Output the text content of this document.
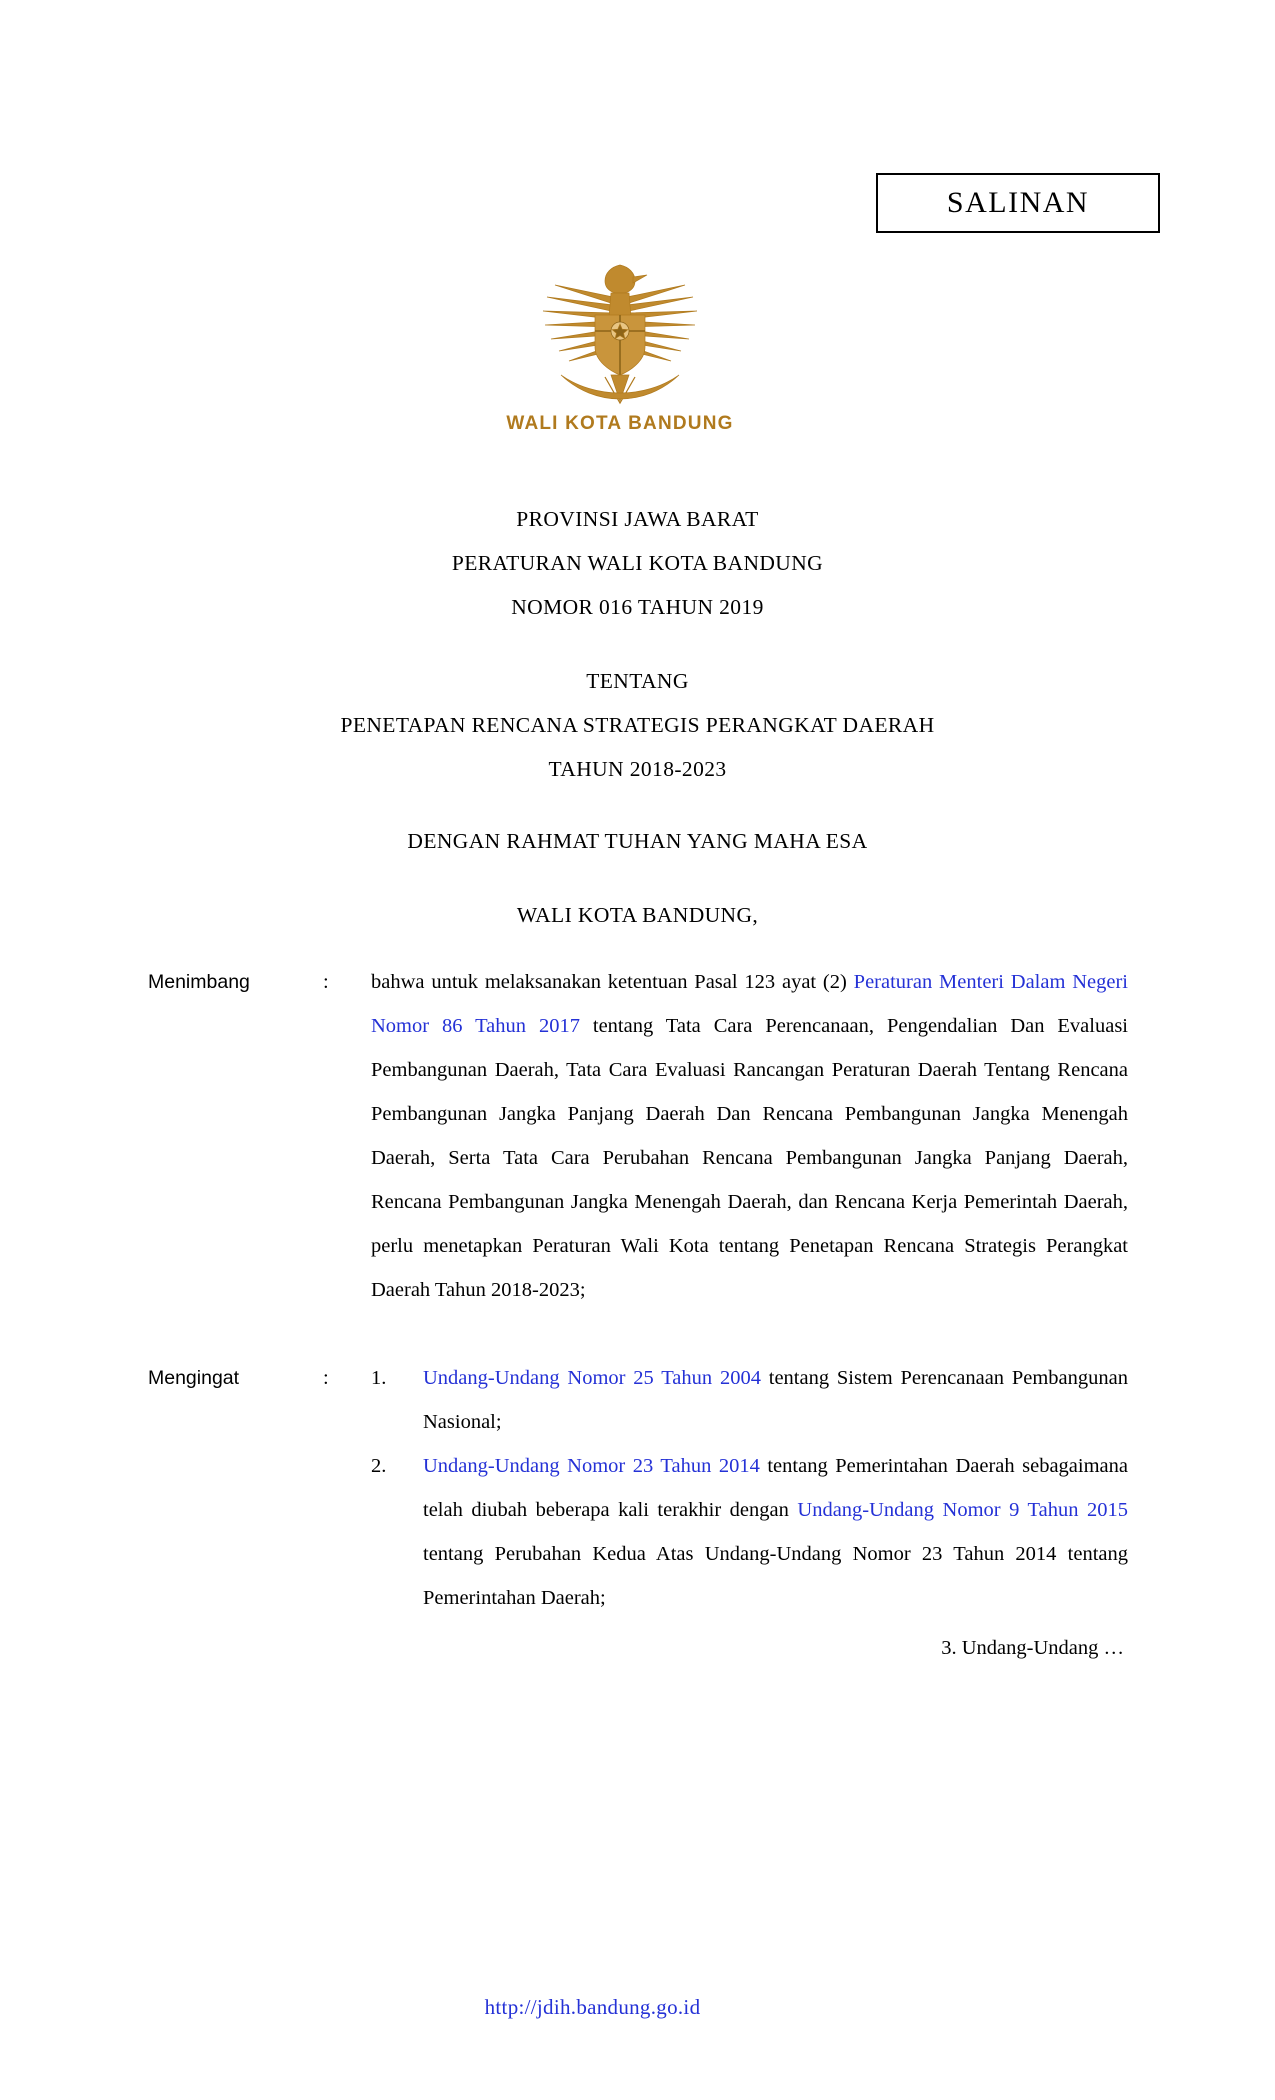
SALINAN
WALI KOTA BANDUNG
PROVINSI JAWA BARAT
PERATURAN WALI KOTA BANDUNG
NOMOR 016 TAHUN 2019
TENTANG
PENETAPAN RENCANA STRATEGIS PERANGKAT DAERAH
TAHUN 2018-2023
DENGAN RAHMAT TUHAN YANG MAHA ESA
WALI KOTA BANDUNG,
Menimbang	:	bahwa untuk melaksanakan ketentuan Pasal 123 ayat (2) Peraturan Menteri Dalam Negeri Nomor 86 Tahun 2017 tentang Tata Cara Perencanaan, Pengendalian Dan Evaluasi Pembangunan Daerah, Tata Cara Evaluasi Rancangan Peraturan Daerah Tentang Rencana Pembangunan Jangka Panjang Daerah Dan Rencana Pembangunan Jangka Menengah Daerah, Serta Tata Cara Perubahan Rencana Pembangunan Jangka Panjang Daerah, Rencana Pembangunan Jangka Menengah Daerah, dan Rencana Kerja Pemerintah Daerah, perlu menetapkan Peraturan Wali Kota tentang Penetapan Rencana Strategis Perangkat Daerah Tahun 2018-2023;
Mengingat	:	1.	Undang-Undang Nomor 25 Tahun 2004 tentang Sistem Perencanaan Pembangunan Nasional;
2.	Undang-Undang Nomor 23 Tahun 2014 tentang Pemerintahan Daerah sebagaimana telah diubah beberapa kali terakhir dengan Undang-Undang Nomor 9 Tahun 2015 tentang Perubahan Kedua Atas Undang-Undang Nomor 23 Tahun 2014 tentang Pemerintahan Daerah;
3. Undang-Undang …
http://jdih.bandung.go.id
